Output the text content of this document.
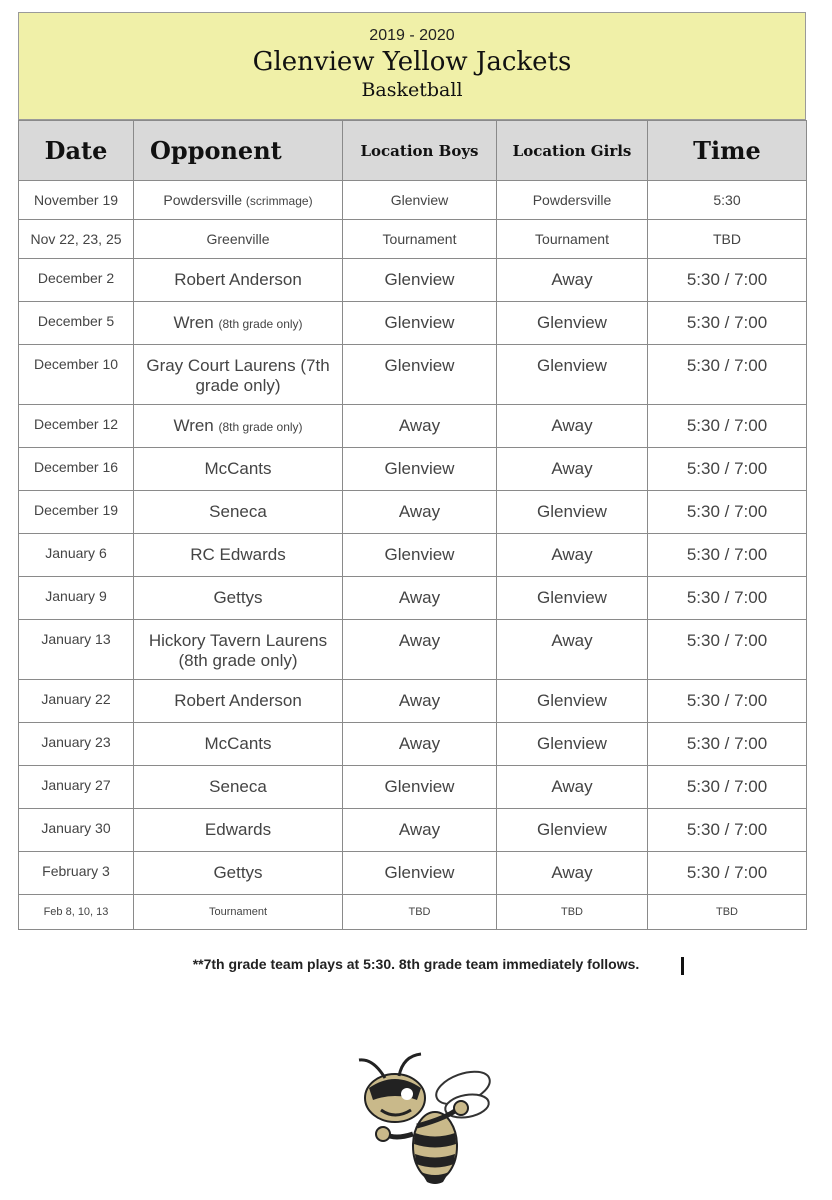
2019 - 2020
Glenview Yellow Jackets
Basketball
Date	Opponent	Location Boys	Location Girls	Time

November 19	Powdersville (scrimmage)	Glenview	Powdersville	5:30

Nov 22, 23, 25	Greenville	Tournament	Tournament	TBD

December 2	Robert Anderson	Glenview	Away	5:30 / 7:00

December 5	Wren (8th grade only)	Glenview	Glenview	5:30 / 7:00

December 10	Gray Court Laurens (7th grade only)	Glenview	Glenview	5:30 / 7:00

December 12	Wren (8th grade only)	Away	Away	5:30 / 7:00

December 16	McCants	Glenview	Away	5:30 / 7:00

December 19	Seneca	Away	Glenview	5:30 / 7:00

January 6	RC Edwards	Glenview	Away	5:30 / 7:00

January 9	Gettys	Away	Glenview	5:30 / 7:00

January 13	Hickory Tavern Laurens (8th grade only)	Away	Away	5:30 / 7:00

January 22	Robert Anderson	Away	Glenview	5:30 / 7:00

January 23	McCants	Away	Glenview	5:30 / 7:00

January 27	Seneca	Glenview	Away	5:30 / 7:00

January 30	Edwards	Away	Glenview	5:30 / 7:00

February 3	Gettys	Glenview	Away	5:30 / 7:00

Feb 8, 10, 13	Tournament	TBD	TBD	TBD
**7th grade team plays at 5:30. 8th grade team immediately follows.
